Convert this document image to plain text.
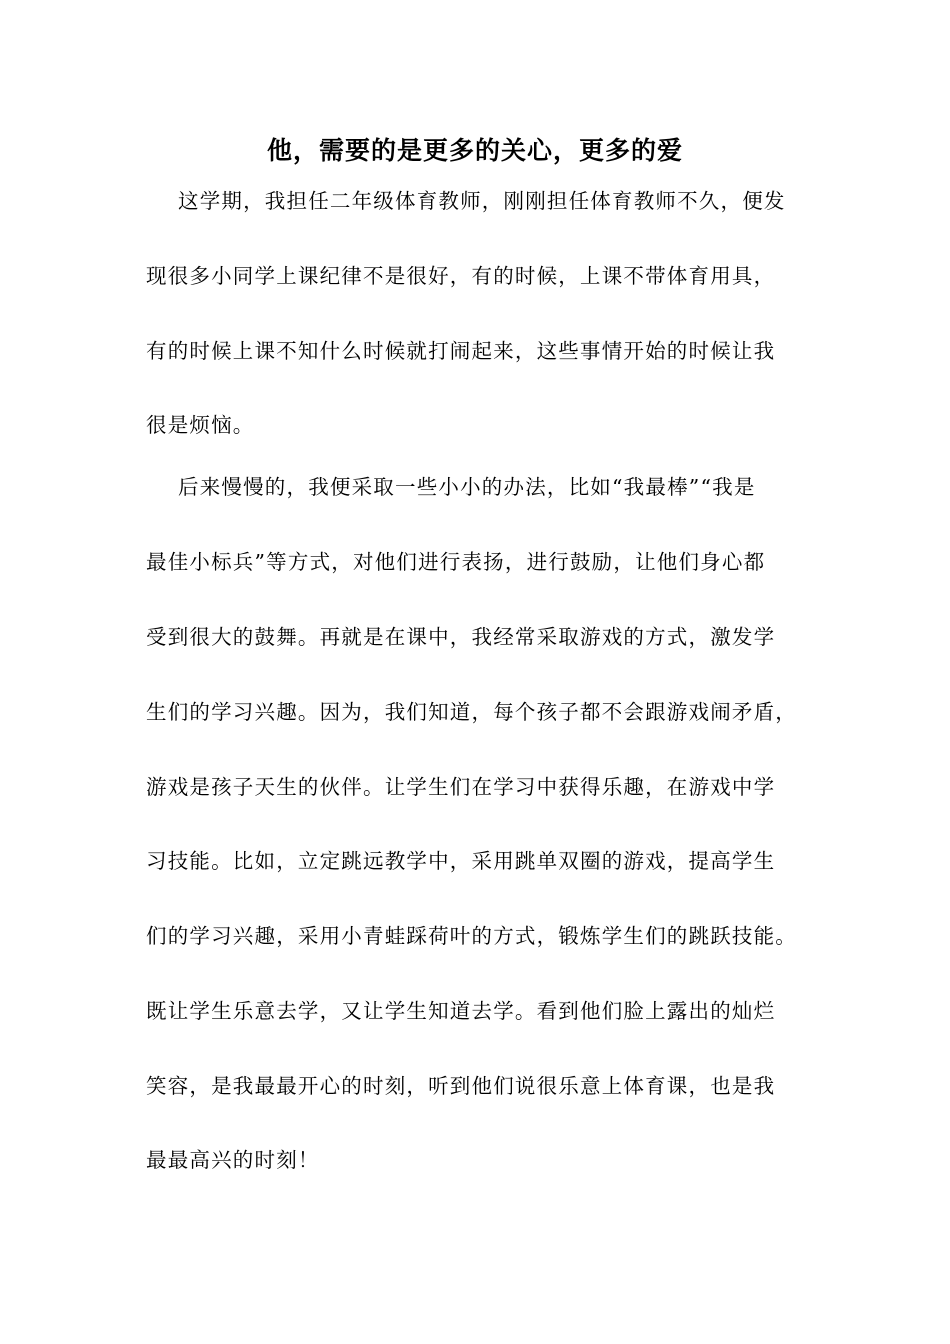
他，需要的是更多的关心，更多的爱
这学期，我担任二年级体育教师，刚刚担任体育教师不久，便发
现很多小同学上课纪律不是很好，有的时候，上课不带体育用具，
有的时候上课不知什么时候就打闹起来，这些事情开始的时候让我
很是烦恼。
后来慢慢的，我便采取一些小小的办法，比如“我最棒”“我是
最佳小标兵”等方式，对他们进行表扬，进行鼓励，让他们身心都
受到很大的鼓舞。再就是在课中，我经常采取游戏的方式，激发学
生们的学习兴趣。因为，我们知道，每个孩子都不会跟游戏闹矛盾，
游戏是孩子天生的伙伴。让学生们在学习中获得乐趣，在游戏中学
习技能。比如，立定跳远教学中，采用跳单双圈的游戏，提高学生
们的学习兴趣，采用小青蛙踩荷叶的方式，锻炼学生们的跳跃技能。
既让学生乐意去学，又让学生知道去学。看到他们脸上露出的灿烂
笑容，是我最最开心的时刻，听到他们说很乐意上体育课，也是我
最最高兴的时刻！
